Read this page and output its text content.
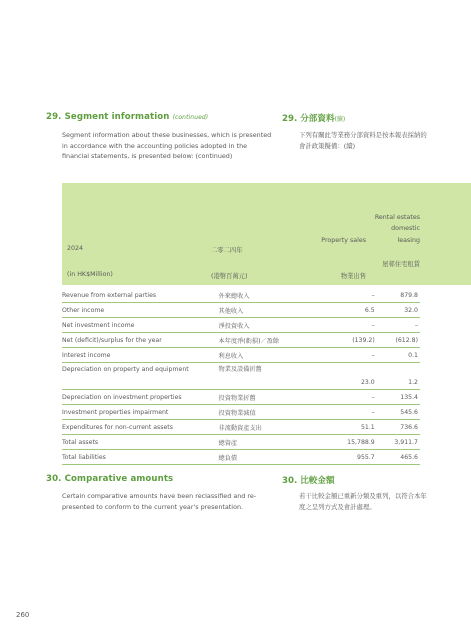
29. Segment information (continued)	29. 分部資料(續)
Segment information about these businesses, which is presented in accordance with the accounting policies adopted in the financial statements, is presented below: (continued)
下列有關此等業務分部資料是按本報表採納的會計政策擬備：(續)
2024	二零二四年
(in HK$Million)	(港幣百萬元)
Property sales
物業出售
Rental estates domestic leasing
屋邨住宅租賃
Revenue from external parties	外來總收入	–	879.8
Other income	其他收入	6.5	32.0
Net investment income	淨投資收入	–	–
Net (deficit)/surplus for the year	本年度淨(虧損)／盈餘	(139.2)	(612.8)
Interest income	利息收入	–	0.1
Depreciation on property and equipment	物業及設備折舊	23.0	1.2
Depreciation on investment properties	投資物業折舊	–	135.4
Investment properties impairment	投資物業減值	–	545.6
Expenditures for non-current assets	非流動資產支出	51.1	736.6
Total assets	總資產	15,788.9	3,911.7
Total liabilities	總負債	955.7	465.6
30. Comparative amounts	30. 比較金額
Certain comparative amounts have been reclassified and re-presented to conform to the current year's presentation.
若干比較金額已重新分類及重列，以符合本年度之呈列方式及會計處理。
260
